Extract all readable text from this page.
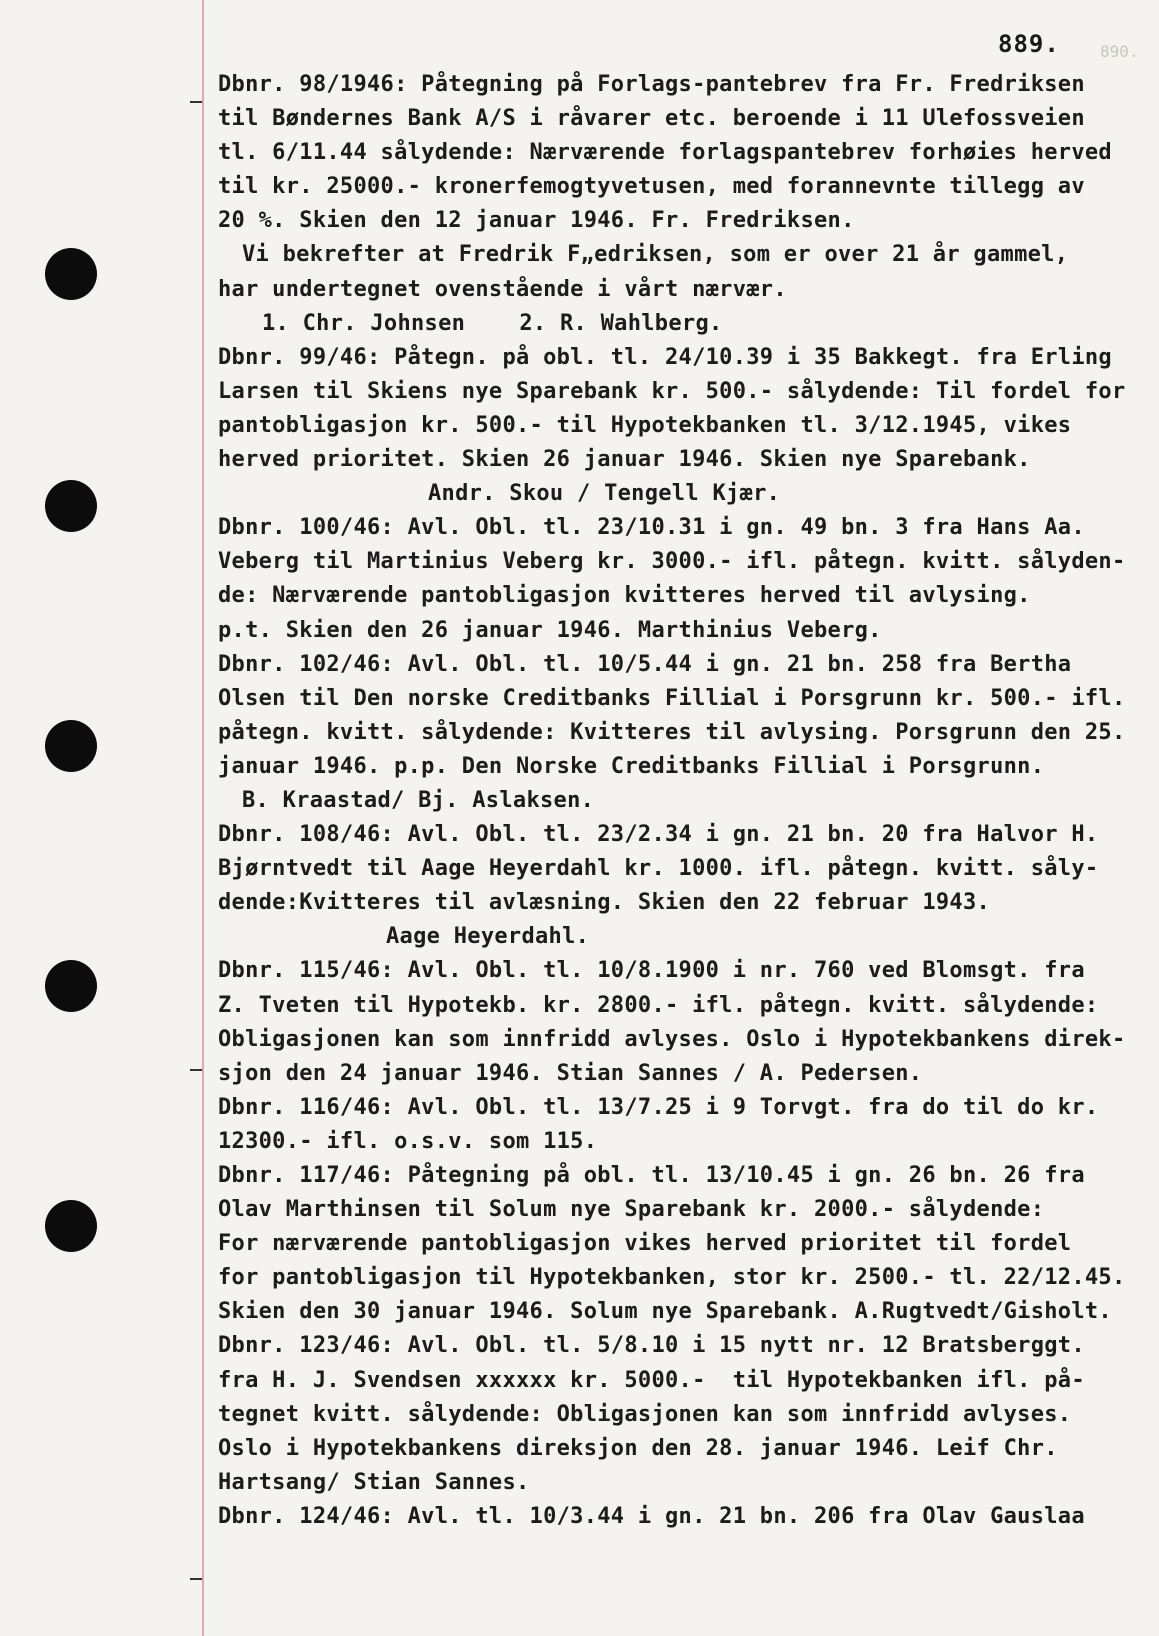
889.	890.
Dbnr. 98/1946: Påtegning på Forlags-pantebrev fra Fr. Fredriksen
til Bøndernes Bank A/S i råvarer etc. beroende i 11 Ulefossveien
tl. 6/11.44 sålydende: Nærværende forlagspantebrev forhøies herved
til kr. 25000.- kronerfemogtyvetusen, med forannevnte tillegg av
20 %. Skien den 12 januar 1946. Fr. Fredriksen.
Vi bekrefter at Fredrik F„edriksen, som er over 21 år gammel,
har undertegnet ovenstående i vårt nærvær.
1. Chr. Johnsen    2. R. Wahlberg.
Dbnr. 99/46: Påtegn. på obl. tl. 24/10.39 i 35 Bakkegt. fra Erling
Larsen til Skiens nye Sparebank kr. 500.- sålydende: Til fordel for
pantobligasjon kr. 500.- til Hypotekbanken tl. 3/12.1945, vikes
herved prioritet. Skien 26 januar 1946. Skien nye Sparebank.
Andr. Skou / Tengell Kjær.
Dbnr. 100/46: Avl. Obl. tl. 23/10.31 i gn. 49 bn. 3 fra Hans Aa.
Veberg til Martinius Veberg kr. 3000.- ifl. påtegn. kvitt. sålyden-
de: Nærværende pantobligasjon kvitteres herved til avlysing.
p.t. Skien den 26 januar 1946. Marthinius Veberg.
Dbnr. 102/46: Avl. Obl. tl. 10/5.44 i gn. 21 bn. 258 fra Bertha
Olsen til Den norske Creditbanks Fillial i Porsgrunn kr. 500.- ifl.
påtegn. kvitt. sålydende: Kvitteres til avlysing. Porsgrunn den 25.
januar 1946. p.p. Den Norske Creditbanks Fillial i Porsgrunn.
B. Kraastad/ Bj. Aslaksen.
Dbnr. 108/46: Avl. Obl. tl. 23/2.34 i gn. 21 bn. 20 fra Halvor H.
Bjørntvedt til Aage Heyerdahl kr. 1000. ifl. påtegn. kvitt. såly-
dende:Kvitteres til avlæsning. Skien den 22 februar 1943.
Aage Heyerdahl.
Dbnr. 115/46: Avl. Obl. tl. 10/8.1900 i nr. 760 ved Blomsgt. fra
Z. Tveten til Hypotekb. kr. 2800.- ifl. påtegn. kvitt. sålydende:
Obligasjonen kan som innfridd avlyses. Oslo i Hypotekbankens direk-
sjon den 24 januar 1946. Stian Sannes / A. Pedersen.
Dbnr. 116/46: Avl. Obl. tl. 13/7.25 i 9 Torvgt. fra do til do kr.
12300.- ifl. o.s.v. som 115.
Dbnr. 117/46: Påtegning på obl. tl. 13/10.45 i gn. 26 bn. 26 fra
Olav Marthinsen til Solum nye Sparebank kr. 2000.- sålydende:
For nærværende pantobligasjon vikes herved prioritet til fordel
for pantobligasjon til Hypotekbanken, stor kr. 2500.- tl. 22/12.45.
Skien den 30 januar 1946. Solum nye Sparebank. A.Rugtvedt/Gisholt.
Dbnr. 123/46: Avl. Obl. tl. 5/8.10 i 15 nytt nr. 12 Bratsberggt.
fra H. J. Svendsen xxxxxx kr. 5000.-  til Hypotekbanken ifl. på-
tegnet kvitt. sålydende: Obligasjonen kan som innfridd avlyses.
Oslo i Hypotekbankens direksjon den 28. januar 1946. Leif Chr.
Hartsang/ Stian Sannes.
Dbnr. 124/46: Avl. tl. 10/3.44 i gn. 21 bn. 206 fra Olav Gauslaa
